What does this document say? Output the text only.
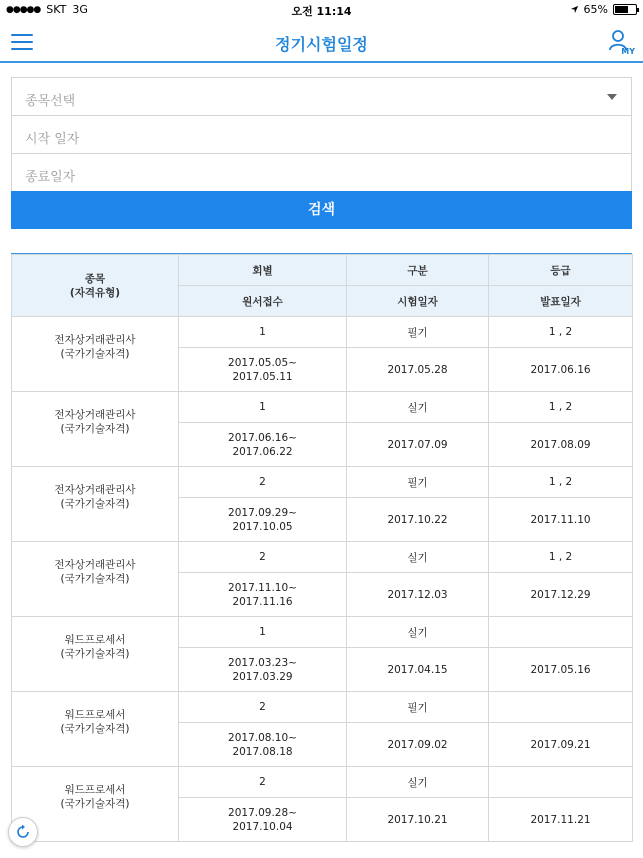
●●●●● SKT 3G	오전 11:14	65%
정기시험일정	MY
종목선택
시작 일자
종료일자
검색
종목
(자격유형)	회별	구분	등급
	원서접수	시험일자	발표일자

전자상거래관리사
(국가기술자격)	1	필기	1 , 2

	2017.05.05~
2017.05.11	2017.05.28	2017.06.16

전자상거래관리사
(국가기술자격)	1	실기	1 , 2

	2017.06.16~
2017.06.22	2017.07.09	2017.08.09

전자상거래관리사
(국가기술자격)	2	필기	1 , 2

	2017.09.29~
2017.10.05	2017.10.22	2017.11.10

전자상거래관리사
(국가기술자격)	2	실기	1 , 2

	2017.11.10~
2017.11.16	2017.12.03	2017.12.29

워드프로세서
(국가기술자격)	1	실기	

	2017.03.23~
2017.03.29	2017.04.15	2017.05.16

워드프로세서
(국가기술자격)	2	필기	

	2017.08.10~
2017.08.18	2017.09.02	2017.09.21

워드프로세서
(국가기술자격)	2	실기	

	2017.09.28~
2017.10.04	2017.10.21	2017.11.21
